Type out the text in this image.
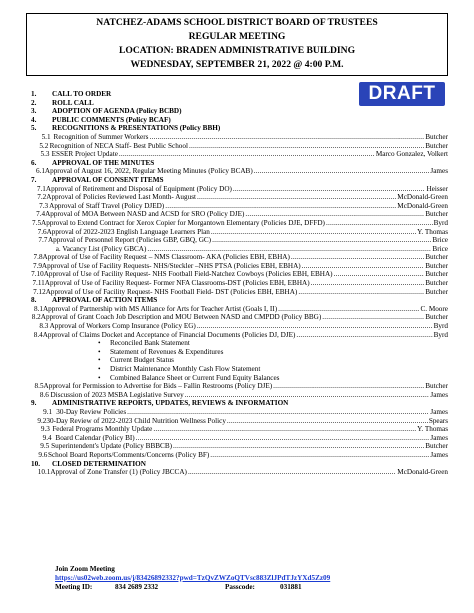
NATCHEZ-ADAMS SCHOOL DISTRICT BOARD OF TRUSTEES
REGULAR MEETING
LOCATION: BRADEN ADMINISTRATIVE BUILDING
WEDNESDAY, SEPTEMBER 21, 2022 @ 4:00 P.M.
DRAFT
1.	CALL TO ORDER
2.	ROLL CALL
3.	ADOPTION OF AGENDA (Policy BCBD)
4.	PUBLIC COMMENTS (Policy BCAF)
5.	RECOGNITIONS & PRESENTATIONS (Policy BBH)
5.1 Recognition of Summer Workers .....	Butcher
5.2 Recognition of NECA Staff- Best Public School .....	Butcher
5.3 ESSER Project Update .....	Marco Gonzalez, Volkert
6.	APPROVAL OF THE MINUTES
6.1 Approval of August 16, 2022, Regular Meeting Minutes (Policy BCAB) .....	James
7.	APPROVAL OF CONSENT ITEMS
7.1 Approval of Retirement and Disposal of Equipment (Policy DO) .....	Heisser
7.2 Approval of Policies Reviewed Last Month- August .....	McDonald-Green
7.3 Approval of Staff Travel (Policy DJED) .....	McDonald-Green
7.4 Approval of MOA Between NASD and ACSD for SRO (Policy DJE) .....	Butcher
7.5 Approval to Extend Contract for Xerox Copier for Morgantown Elementary (Policies DJE, DFFD) .....	Byrd
7.6 Approval of 2022-2023 English Language Learners Plan .....	Y. Thomas
7.7 Approval of Personnel Report (Policies GBP, GBQ, GC) .....	Brice
a. Vacancy List (Policy GBCA) .....	Brice
7.8 Approval of Use of Facility Request – NMS Classroom- AKA (Policies EBH, EBHA) .....	Butcher
7.9 Approval of Use of Facility Requests- NHS/Steckler –NHS PTSA (Policies EBH, EBHA) .....	Butcher
7.10 Approval of Use of Facility Request- NHS Football Field-Natchez Cowboys (Policies EBH, EBHA) .....	Butcher
7.11 Approval of Use of Facility Request- Former NFA Classrooms-DST (Policies EBH, EBHA) .....	Butcher
7.12 Approval of Use of Facility Request- NHS Football Field- DST (Policies EBH, EBHA) .....	Butcher
8.	APPROVAL OF ACTION ITEMS
8.1 Approval of Partnership with MS Alliance for Arts for Teacher Artist (Goals I, II) .....	C. Moore
8.2 Approval of Grant Coach Job Description and MOU Between NASD and CMPDD (Policy BBG) .....	Butcher
8.3 Approval of Workers Comp Insurance (Policy EG) .....	Byrd
8.4 Approval of Claims Docket and Acceptance of Financial Documents (Policies DJ, DJE) .....	Byrd
•	Reconciled Bank Statement
•	Statement of Revenues & Expenditures
•	Current Budget Status
•	District Maintenance Monthly Cash Flow Statement
•	Combined Balance Sheet or Current Fund Equity Balances
8.5 Approval for Permission to Advertise for Bids – Fallin Restrooms (Policy DJE) .....	Butcher
8.6 Discussion of 2023 MSBA Legislative Survey .....	James
9.	ADMINISTRATIVE REPORTS, UPDATES, REVIEWS & INFORMATION
9.1 30-Day Review Policies .....	James
9.2 30-Day Review of 2022-2023 Child Nutrition Wellness Policy .....	Spears
9.3 Federal Programs Monthly Update .....	Y. Thomas
9.4 Board Calendar (Policy BI) .....	James
9.5 Superintendent's Update (Policy BBBCB) .....	Butcher
9.6 School Board Reports/Comments/Concerns (Policy BF) .....	James
10.	CLOSED DETERMINATION
10.1 Approval of Zone Transfer (1) (Policy JBCCA) .....	McDonald-Green
Join Zoom Meeting
https://us02web.zoom.us/j/83426892332?pwd=TzQvZWZoQTVsc883ZlJPdTJzYXd5Zz09
Meeting ID:	834 2689 2332	Passcode:	031881
